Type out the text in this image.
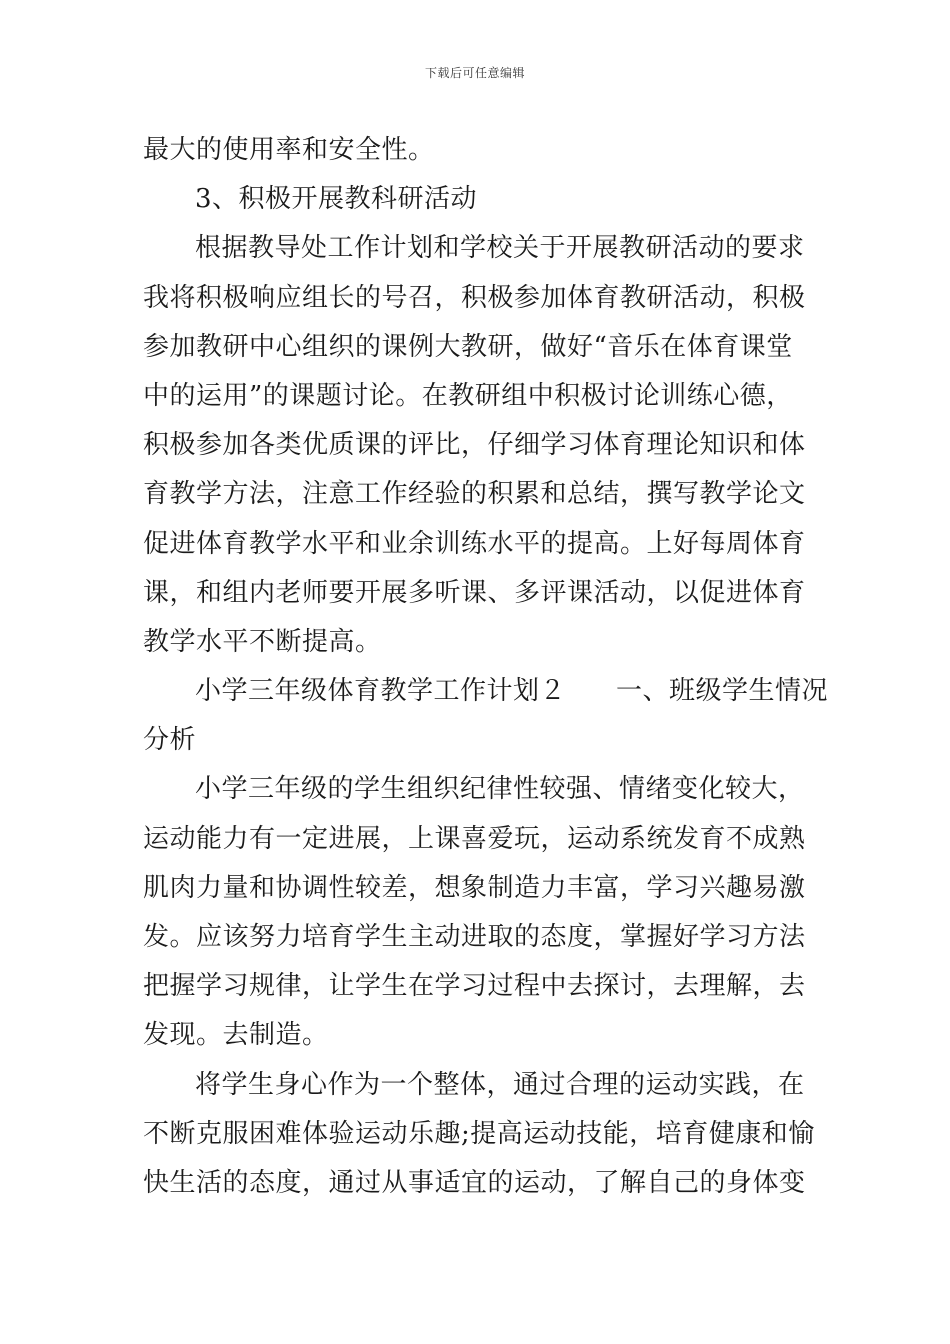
下载后可任意编辑
最大的使用率和安全性。
3、积极开展教科研活动
根据教导处工作计划和学校关于开展教研活动的要求
我将积极响应组长的号召，积极参加体育教研活动，积极
参加教研中心组织的课例大教研，做好“音乐在体育课堂
中的运用”的课题讨论。在教研组中积极讨论训练心德，
积极参加各类优质课的评比，仔细学习体育理论知识和体
育教学方法，注意工作经验的积累和总结，撰写教学论文
促进体育教学水平和业余训练水平的提高。上好每周体育
课，和组内老师要开展多听课、多评课活动，以促进体育
教学水平不断提高。
小学三年级体育教学工作计划２ 一、班级学生情况
分析
小学三年级的学生组织纪律性较强、情绪变化较大，
运动能力有一定进展，上课喜爱玩，运动系统发育不成熟
肌肉力量和协调性较差，想象制造力丰富，学习兴趣易激
发。应该努力培育学生主动进取的态度，掌握好学习方法
把握学习规律，让学生在学习过程中去探讨，去理解，去
发现。去制造。
将学生身心作为一个整体，通过合理的运动实践，在
不断克服困难体验运动乐趣;提高运动技能，培育健康和愉
快生活的态度，通过从事适宜的运动，了解自己的身体变
